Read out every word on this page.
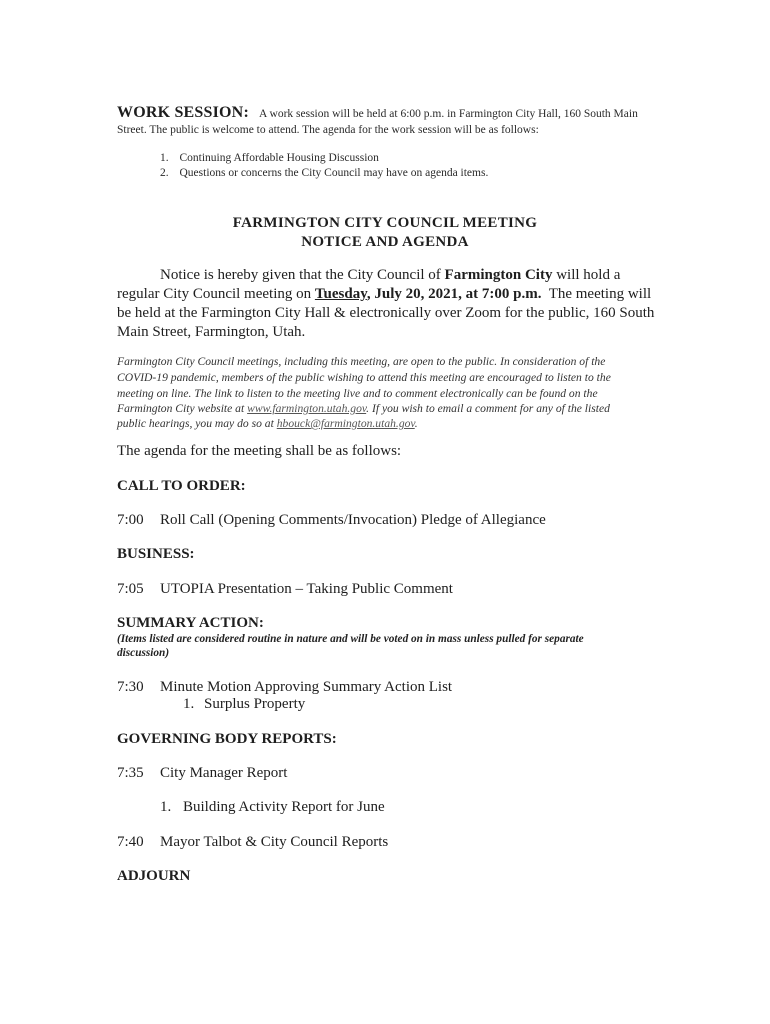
WORK SESSION: A work session will be held at 6:00 p.m. in Farmington City Hall, 160 South Main
Street. The public is welcome to attend. The agenda for the work session will be as follows:
1. Continuing Affordable Housing Discussion
2. Questions or concerns the City Council may have on agenda items.
FARMINGTON CITY COUNCIL MEETING
NOTICE AND AGENDA
Notice is hereby given that the City Council of Farmington City will hold a
regular City Council meeting on Tuesday, July 20, 2021, at 7:00 p.m.  The meeting will
be held at the Farmington City Hall & electronically over Zoom for the public, 160 South
Main Street, Farmington, Utah.
Farmington City Council meetings, including this meeting, are open to the public. In consideration of the
COVID-19 pandemic, members of the public wishing to attend this meeting are encouraged to listen to the
meeting on line. The link to listen to the meeting live and to comment electronically can be found on the
Farmington City website at www.farmington.utah.gov. If you wish to email a comment for any of the listed
public hearings, you may do so at hbouck@farmington.utah.gov.
The agenda for the meeting shall be as follows:
CALL TO ORDER:
7:00 Roll Call (Opening Comments/Invocation) Pledge of Allegiance
BUSINESS:
7:05 UTOPIA Presentation – Taking Public Comment
SUMMARY ACTION:
(Items listed are considered routine in nature and will be voted on in mass unless pulled for separate
discussion)
7:30 Minute Motion Approving Summary Action List
1. Surplus Property
GOVERNING BODY REPORTS:
7:35 City Manager Report
1. Building Activity Report for June
7:40 Mayor Talbot & City Council Reports
ADJOURN
